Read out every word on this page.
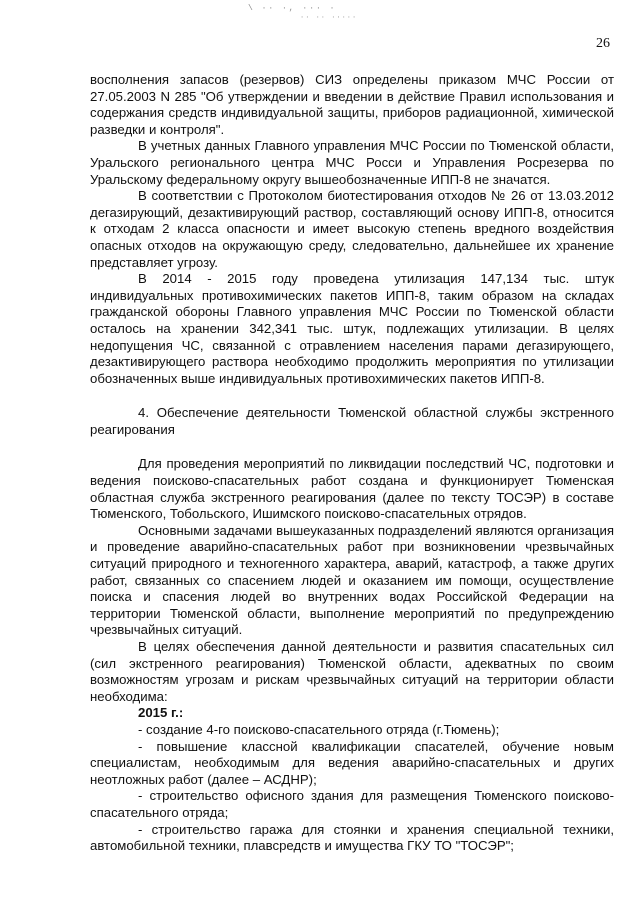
\ ·· ·, ··· ·
·· ·· ·····
26

восполнения запасов (резервов) СИЗ определены приказом МЧС России от 27.05.2003 N 285 "Об утверждении и введении в действие Правил использования и содержания средств индивидуальной защиты, приборов радиационной, химической разведки и контроля".

В учетных данных Главного управления МЧС России по Тюменской области, Уральского регионального центра МЧС Росси и Управления Росрезерва по Уральскому федеральному округу вышеобозначенные ИПП-8 не значатся.

В соответствии с Протоколом биотестирования отходов № 26 от 13.03.2012 дегазирующий, дезактивирующий раствор, составляющий основу ИПП-8, относится к отходам 2 класса опасности и имеет высокую степень вредного воздействия опасных отходов на окружающую среду, следовательно, дальнейшее их хранение представляет угрозу.

В 2014 - 2015 году проведена утилизация 147,134 тыс. штук индивидуальных противохимических пакетов ИПП-8, таким образом на складах гражданской обороны Главного управления МЧС России по Тюменской области осталось на хранении 342,341 тыс. штук, подлежащих утилизации. В целях недопущения ЧС, связанной с отравлением населения парами дегазирующего, дезактивирующего раствора необходимо продолжить мероприятия по утилизации обозначенных выше индивидуальных противохимических пакетов ИПП-8.

4. Обеспечение деятельности Тюменской областной службы экстренного реагирования

Для проведения мероприятий по ликвидации последствий ЧС, подготовки и ведения поисково-спасательных работ создана и функционирует Тюменская областная служба экстренного реагирования (далее по тексту ТОСЭР) в составе Тюменского, Тобольского, Ишимского поисково-спасательных отрядов.

Основными задачами вышеуказанных подразделений являются организация и проведение аварийно-спасательных работ при возникновении чрезвычайных ситуаций природного и техногенного характера, аварий, катастроф, а также других работ, связанных со спасением людей и оказанием им помощи, осуществление поиска и спасения людей во внутренних водах Российской Федерации на территории Тюменской области, выполнение мероприятий по предупреждению чрезвычайных ситуаций.

В целях обеспечения данной деятельности и развития спасательных сил (сил экстренного реагирования) Тюменской области, адекватных по своим возможностям угрозам и рискам чрезвычайных ситуаций на территории области необходима:

2015 г.:

- создание 4-го поисково-спасательного отряда (г.Тюмень);

- повышение классной квалификации спасателей, обучение новым специалистам, необходимым для ведения аварийно-спасательных и других неотложных работ (далее – АСДНР);

- строительство офисного здания для размещения Тюменского поисково-спасательного отряда;

- строительство гаража для стоянки и хранения специальной техники, автомобильной техники, плавсредств и имущества ГКУ ТО "ТОСЭР";
